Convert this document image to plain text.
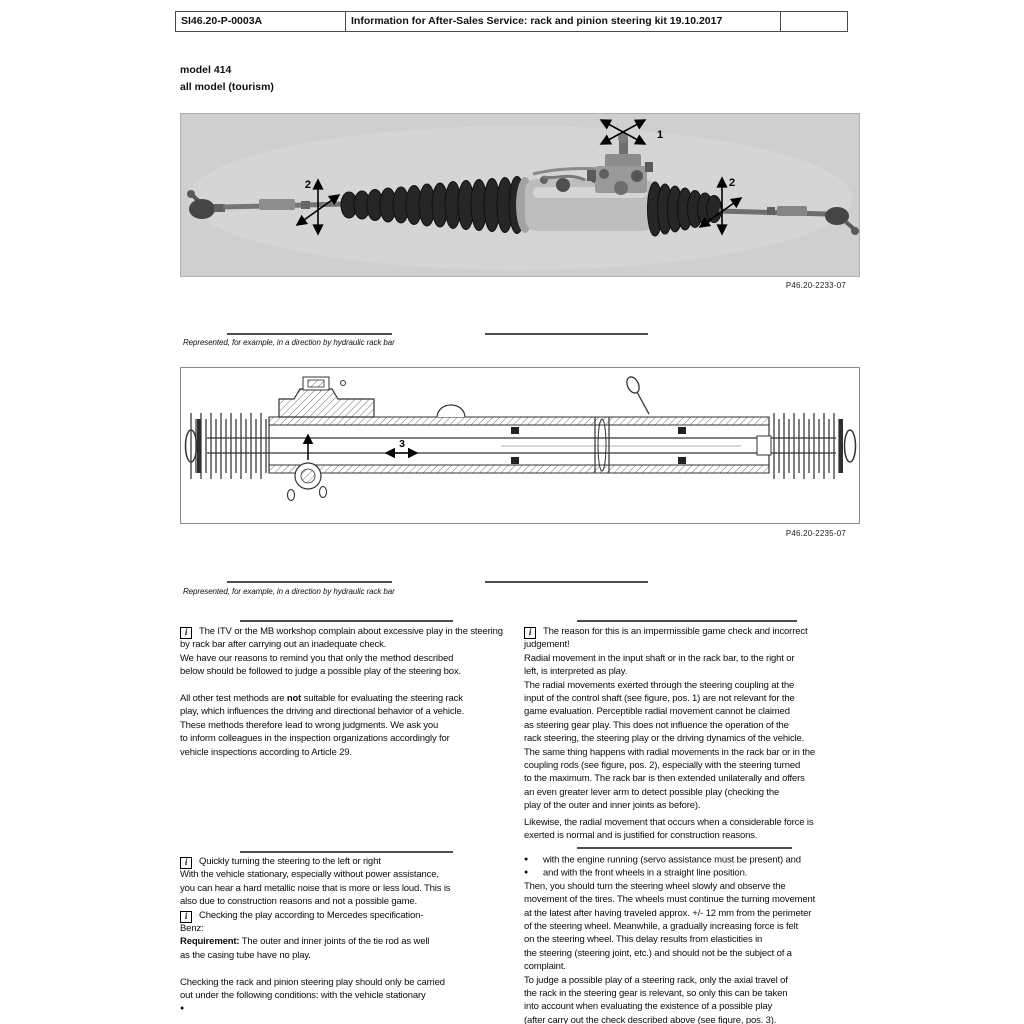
SI46.20-P-0003A	Information for After-Sales Service: rack and pinion steering kit 19.10.2017
model 414
all model (tourism)
1
2	2
P46.20-2233-07
Represented, for example, in a direction by hydraulic rack bar
3
P46.20-2235-07
Represented, for example, in a direction by hydraulic rack bar
i The ITV or the MB workshop complain about excessive play in the steering
by rack bar after carrying out an inadequate check.
We have our reasons to remind you that only the method described
below should be followed to judge a possible play of the steering box.

All other test methods are not suitable for evaluating the steering rack
play, which influences the driving and directional behavior of a vehicle.
These methods therefore lead to wrong judgments. We ask you
to inform colleagues in the inspection organizations accordingly for
vehicle inspections according to Article 29.
i The reason for this is an impermissible game check and incorrect
judgement!
Radial movement in the input shaft or in the rack bar, to the right or
left, is interpreted as play.
The radial movements exerted through the steering coupling at the
input of the control shaft (see figure, pos. 1) are not relevant for the
game evaluation. Perceptible radial movement cannot be claimed
as steering gear play. This does not influence the operation of the
rack steering, the steering play or the driving dynamics of the vehicle.
The same thing happens with radial movements in the rack bar or in the
coupling rods (see figure, pos. 2), especially with the steering turned
to the maximum. The rack bar is then extended unilaterally and offers
an even greater lever arm to detect possible play (checking the
play of the outer and inner joints as before).
Likewise, the radial movement that occurs when a considerable force is
exerted is normal and is justified for construction reasons.
● with the engine running (servo assistance must be present) and
● and with the front wheels in a straight line position.
Then, you should turn the steering wheel slowly and observe the
movement of the tires. The wheels must continue the turning movement
at the latest after having traveled approx. +/- 12 mm from the perimeter
of the steering wheel. Meanwhile, a gradually increasing force is felt
on the steering wheel. This delay results from elasticities in
the steering (steering joint, etc.) and should not be the subject of a
complaint.
To judge a possible play of a steering rack, only the axial travel of
the rack in the steering gear is relevant, so only this can be taken
into account when evaluating the existence of a possible play
(after carry out the check described above (see figure, pos. 3).
i Quickly turning the steering to the left or right
With the vehicle stationary, especially without power assistance,
you can hear a hard metallic noise that is more or less loud. This is
also due to construction reasons and not a possible game.
i Checking the play according to Mercedes specification-
Benz:
Requirement: The outer and inner joints of the tie rod as well
as the casing tube have no play.

Checking the rack and pinion steering play should only be carried
out under the following conditions: with the vehicle stationary
●
